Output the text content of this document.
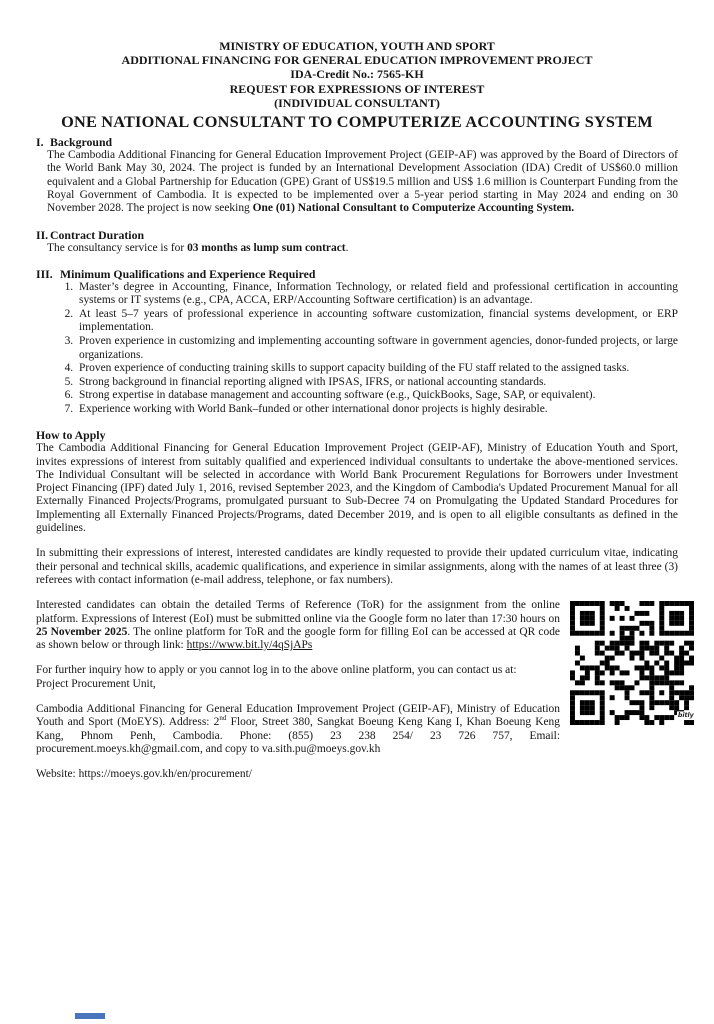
MINISTRY OF EDUCATION, YOUTH AND SPORT
ADDITIONAL FINANCING FOR GENERAL EDUCATION IMPROVEMENT PROJECT
IDA-Credit No.: 7565-KH
REQUEST FOR EXPRESSIONS OF INTEREST
(INDIVIDUAL CONSULTANT)
ONE NATIONAL CONSULTANT TO COMPUTERIZE ACCOUNTING SYSTEM
I. Background
The Cambodia Additional Financing for General Education Improvement Project (GEIP-AF) was approved by the Board of Directors of the World Bank May 30, 2024. The project is funded by an International Development Association (IDA) Credit of US$60.0 million equivalent and a Global Partnership for Education (GPE) Grant of US$19.5 million and US$ 1.6 million is Counterpart Funding from the Royal Government of Cambodia. It is expected to be implemented over a 5-year period starting in May 2024 and ending on 30 November 2028. The project is now seeking One (01) National Consultant to Computerize Accounting System.
II. Contract Duration
The consultancy service is for 03 months as lump sum contract.
III. Minimum Qualifications and Experience Required
1. Master’s degree in Accounting, Finance, Information Technology, or related field and professional certification in accounting systems or IT systems (e.g., CPA, ACCA, ERP/Accounting Software certification) is an advantage.
2. At least 5–7 years of professional experience in accounting software customization, financial systems development, or ERP implementation.
3. Proven experience in customizing and implementing accounting software in government agencies, donor-funded projects, or large organizations.
4. Proven experience of conducting training skills to support capacity building of the FU staff related to the assigned tasks.
5. Strong background in financial reporting aligned with IPSAS, IFRS, or national accounting standards.
6. Strong expertise in database management and accounting software (e.g., QuickBooks, Sage, SAP, or equivalent).
7. Experience working with World Bank–funded or other international donor projects is highly desirable.
How to Apply
The Cambodia Additional Financing for General Education Improvement Project (GEIP-AF), Ministry of Education Youth and Sport, invites expressions of interest from suitably qualified and experienced individual consultants to undertake the above-mentioned services. The Individual Consultant will be selected in accordance with World Bank Procurement Regulations for Borrowers under Investment Project Financing (IPF) dated July 1, 2016, revised September 2023, and the Kingdom of Cambodia's Updated Procurement Manual for all Externally Financed Projects/Programs, promulgated pursuant to Sub-Decree 74 on Promulgating the Updated Standard Procedures for Implementing all Externally Financed Projects/Programs, dated December 2019, and is open to all eligible consultants as defined in the guidelines.
In submitting their expressions of interest, interested candidates are kindly requested to provide their updated curriculum vitae, indicating their personal and technical skills, academic qualifications, and experience in similar assignments, along with the names of at least three (3) referees with contact information (e-mail address, telephone, or fax numbers).
bitly
Interested candidates can obtain the detailed Terms of Reference (ToR) for the assignment from the online platform. Expressions of Interest (EoI) must be submitted online via the Google form no later than 17:30 hours on 25 November 2025. The online platform for ToR and the google form for filling EoI can be accessed at QR code as shown below or through link: https://www.bit.ly/4qSjAPs
For further inquiry how to apply or you cannot log in to the above online platform, you can contact us at:
Project Procurement Unit,
Cambodia Additional Financing for General Education Improvement Project (GEIP-AF), Ministry of Education Youth and Sport (MoEYS). Address: 2nd Floor, Street 380, Sangkat Boeung Keng Kang I, Khan Boeung Keng Kang, Phnom Penh, Cambodia. Phone: (855) 23 238 254/ 23 726 757, Email: procurement.moeys.kh@gmail.com, and copy to va.sith.pu@moeys.gov.kh
Website: https://moeys.gov.kh/en/procurement/
